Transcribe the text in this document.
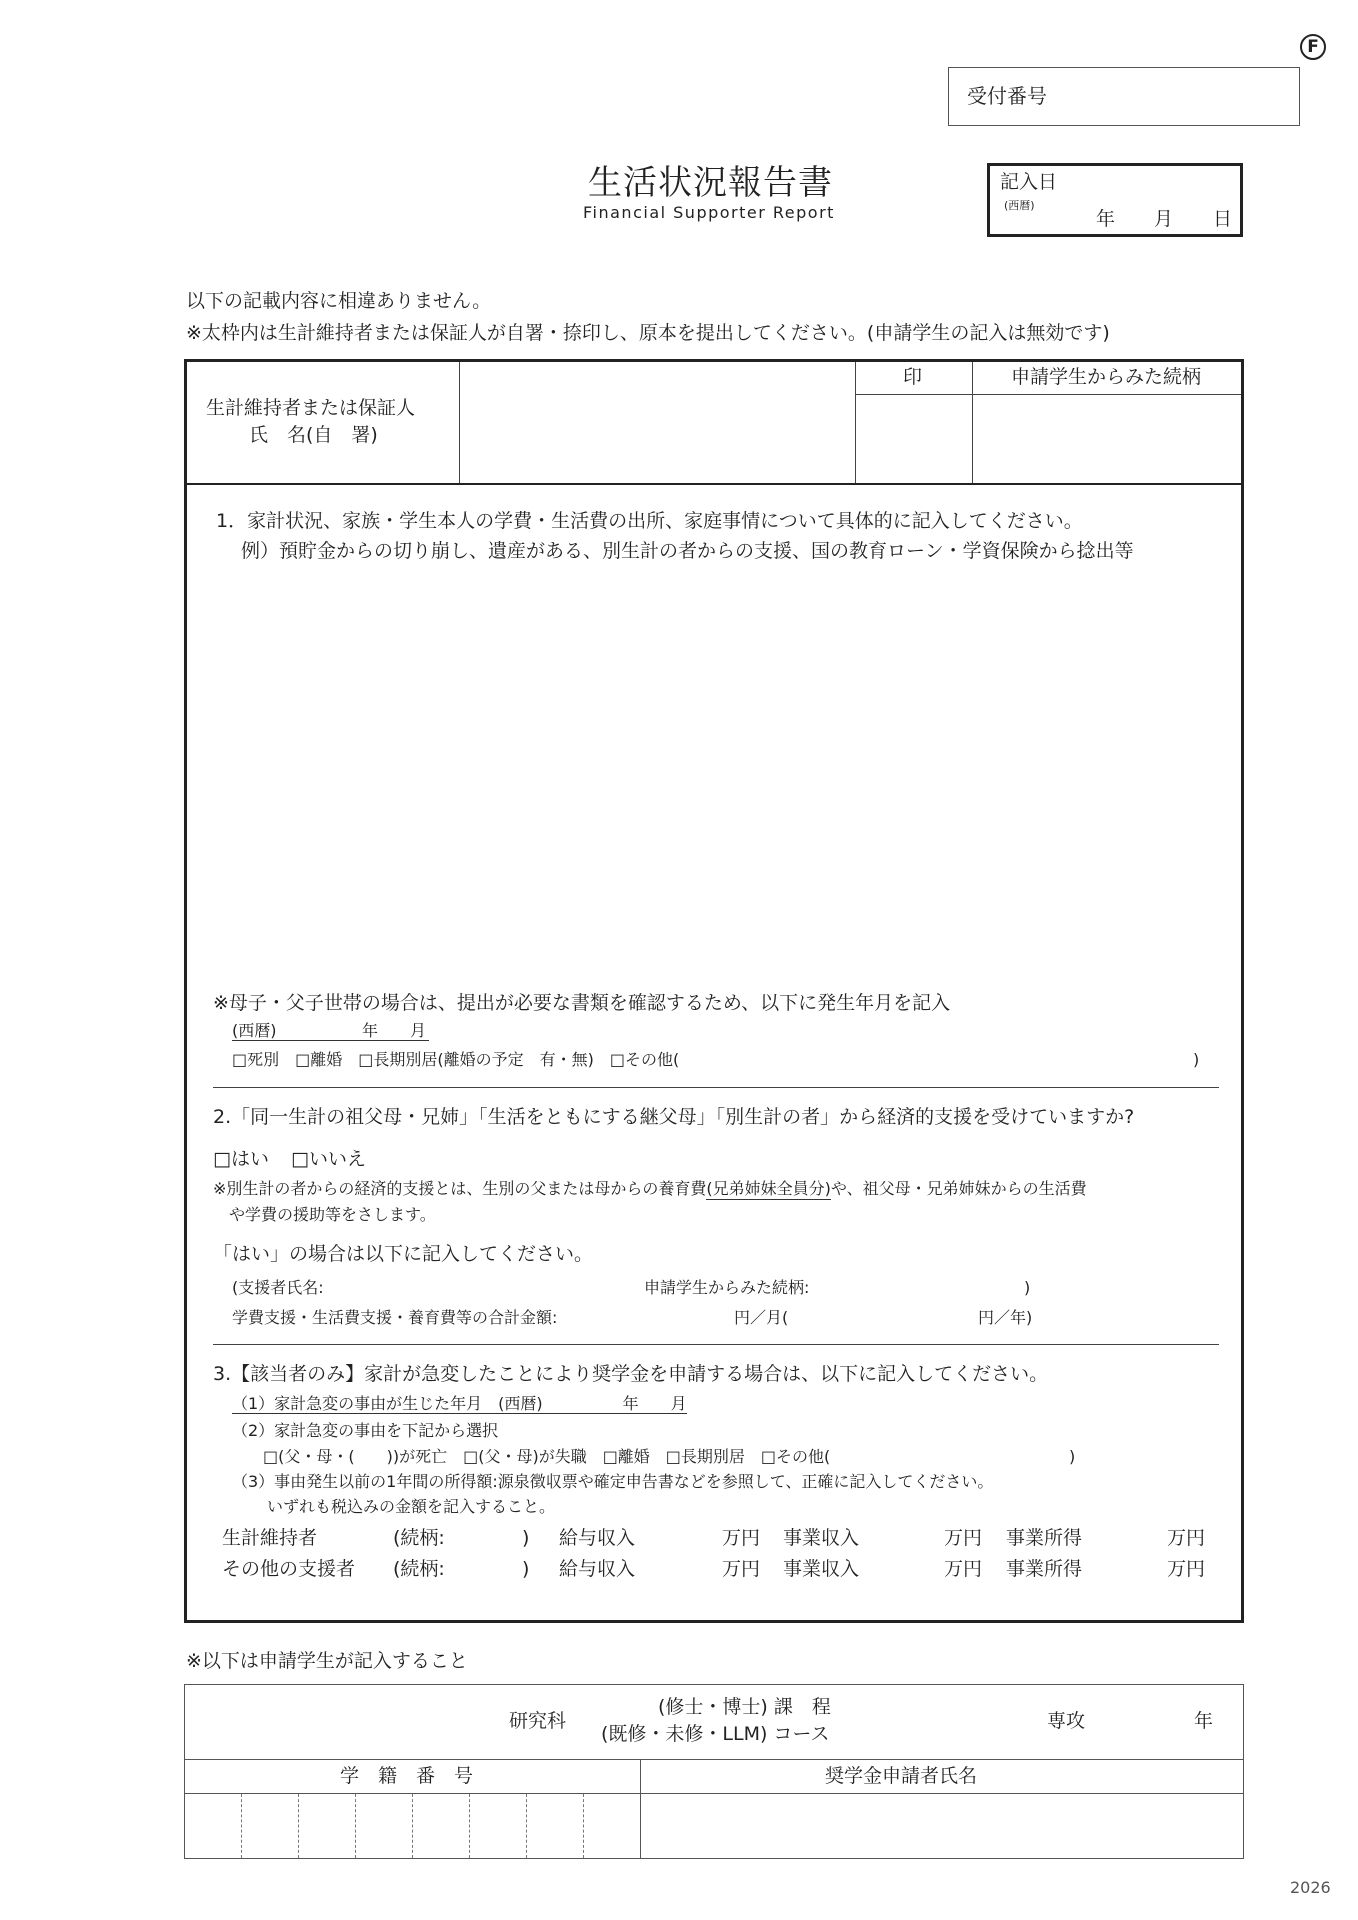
F
受付番号
生活状況報告書
Financial Supporter Report
記入日
(西暦)
年 月 日
以下の記載内容に相違ありません。
※太枠内は生計維持者または保証人が自署・捺印し、原本を提出してください。(申請学生の記入は無効です)
生計維持者または保証人
氏　名(自　署)
印	申請学生からみた続柄
1．家計状況、家族・学生本人の学費・生活費の出所、家庭事情について具体的に記入してください。
例）預貯金からの切り崩し、遺産がある、別生計の者からの支援、国の教育ローン・学資保険から捻出等
※母子・父子世帯の場合は、提出が必要な書類を確認するため、以下に発生年月を記入
(西暦)	年 月
□死別　□離婚　□長期別居(離婚の予定　有・無)　□その他(	)
2.「同一生計の祖父母・兄姉」「生活をともにする継父母」「別生計の者」から経済的支援を受けていますか?
□はい □いいえ
※別生計の者からの経済的支援とは、生別の父または母からの養育費(兄弟姉妹全員分)や、祖父母・兄弟姉妹からの生活費
や学費の援助等をさします。
「はい」の場合は以下に記入してください。
(支援者氏名:	申請学生からみた続柄:	)
学費支援・生活費支援・養育費等の合計金額:	円／月(	円／年)
3.【該当者のみ】家計が急変したことにより奨学金を申請する場合は、以下に記入してください。
（1）家計急変の事由が生じた年月　(西暦)　　　　　年　　月
（2）家計急変の事由を下記から選択
□(父・母・(　　))が死亡　□(父・母)が失職　□離婚　□長期別居　□その他(	)
（3）事由発生以前の1年間の所得額:源泉徴収票や確定申告書などを参照して、正確に記入してください。
いずれも税込みの金額を記入すること。
生計維持者	(続柄:	) 給与収入	万円 事業収入	万円 事業所得	万円
その他の支援者 (続柄:	) 給与収入	万円 事業収入	万円 事業所得	万円
※以下は申請学生が記入すること
研究科
(修士・博士) 課　程
(既修・未修・LLM) コース
専攻	年
学　籍　番　号	奨学金申請者氏名
2026
